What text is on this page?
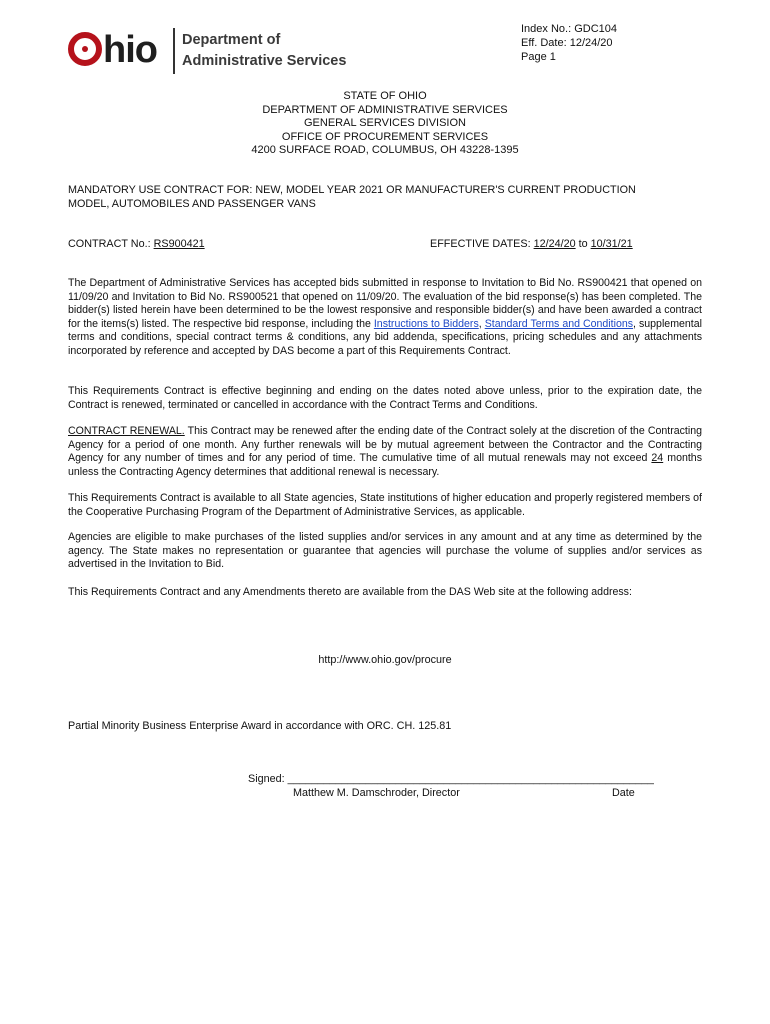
hio Department of
Administrative Services
Index No.: GDC104
Eff. Date: 12/24/20
Page 1
STATE OF OHIO
DEPARTMENT OF ADMINISTRATIVE SERVICES
GENERAL SERVICES DIVISION
OFFICE OF PROCUREMENT SERVICES
4200 SURFACE ROAD, COLUMBUS, OH 43228-1395
MANDATORY USE CONTRACT FOR: NEW, MODEL YEAR 2021 OR MANUFACTURER'S CURRENT PRODUCTION
MODEL, AUTOMOBILES AND PASSENGER VANS
CONTRACT No.: RS900421	EFFECTIVE DATES: 12/24/20 to 10/31/21

The Department of Administrative Services has accepted bids submitted in response to Invitation to Bid No. RS900421 that opened on 11/09/20 and Invitation to Bid No. RS900521 that opened on 11/09/20. The evaluation of the bid response(s) has been completed. The bidder(s) listed herein have been determined to be the lowest responsive and responsible bidder(s) and have been awarded a contract for the items(s) listed. The respective bid response, including the Instructions to Bidders, Standard Terms and Conditions, supplemental terms and conditions, special contract terms & conditions, any bid addenda, specifications, pricing schedules and any attachments incorporated by reference and accepted by DAS become a part of this Requirements Contract.

This Requirements Contract is effective beginning and ending on the dates noted above unless, prior to the expiration date, the Contract is renewed, terminated or cancelled in accordance with the Contract Terms and Conditions.

CONTRACT RENEWAL. This Contract may be renewed after the ending date of the Contract solely at the discretion of the Contracting Agency for a period of one month. Any further renewals will be by mutual agreement between the Contractor and the Contracting Agency for any number of times and for any period of time. The cumulative time of all mutual renewals may not exceed 24 months unless the Contracting Agency determines that additional renewal is necessary.

This Requirements Contract is available to all State agencies, State institutions of higher education and properly registered members of the Cooperative Purchasing Program of the Department of Administrative Services, as applicable.

Agencies are eligible to make purchases of the listed supplies and/or services in any amount and at any time as determined by the agency. The State makes no representation or guarantee that agencies will purchase the volume of supplies and/or services as advertised in the Invitation to Bid.

This Requirements Contract and any Amendments thereto are available from the DAS Web site at the following address:

http://www.ohio.gov/procure
Partial Minority Business Enterprise Award in accordance with ORC. CH. 125.81
Signed: _____________________________________________________________
Matthew M. Damschroder, Director	Date
